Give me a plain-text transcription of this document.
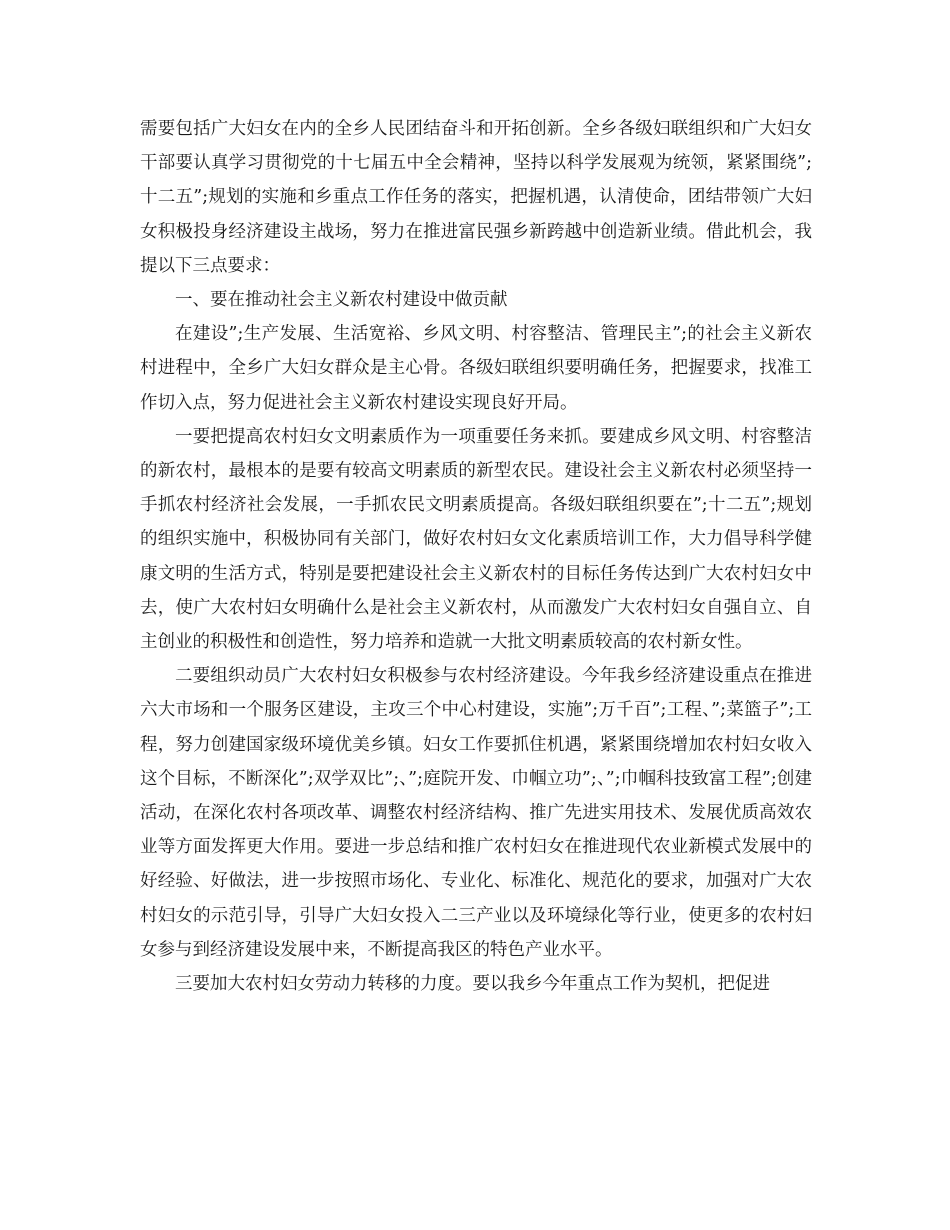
需要包括广大妇女在内的全乡人民团结奋斗和开拓创新。全乡各级妇联组织和广大妇女干部要认真学习贯彻党的十七届五中全会精神，坚持以科学发展观为统领，紧紧围绕”;十二五”;规划的实施和乡重点工作任务的落实，把握机遇，认清使命，团结带领广大妇女积极投身经济建设主战场，努力在推进富民强乡新跨越中创造新业绩。借此机会，我提以下三点要求：

一、要在推动社会主义新农村建设中做贡献

在建设”;生产发展、生活宽裕、乡风文明、村容整洁、管理民主”;的社会主义新农村进程中，全乡广大妇女群众是主心骨。各级妇联组织要明确任务，把握要求，找准工作切入点，努力促进社会主义新农村建设实现良好开局。

一要把提高农村妇女文明素质作为一项重要任务来抓。要建成乡风文明、村容整洁的新农村，最根本的是要有较高文明素质的新型农民。建设社会主义新农村必须坚持一手抓农村经济社会发展，一手抓农民文明素质提高。各级妇联组织要在”;十二五”;规划的组织实施中，积极协同有关部门，做好农村妇女文化素质培训工作，大力倡导科学健康文明的生活方式，特别是要把建设社会主义新农村的目标任务传达到广大农村妇女中去，使广大农村妇女明确什么是社会主义新农村，从而激发广大农村妇女自强自立、自主创业的积极性和创造性，努力培养和造就一大批文明素质较高的农村新女性。

二要组织动员广大农村妇女积极参与农村经济建设。今年我乡经济建设重点在推进六大市场和一个服务区建设，主攻三个中心村建设，实施”;万千百”;工程、”;菜篮子”;工程，努力创建国家级环境优美乡镇。妇女工作要抓住机遇，紧紧围绕增加农村妇女收入这个目标，不断深化”;双学双比”;、”;庭院开发、巾帼立功”;、”;巾帼科技致富工程”;创建活动，在深化农村各项改革、调整农村经济结构、推广先进实用技术、发展优质高效农业等方面发挥更大作用。要进一步总结和推广农村妇女在推进现代农业新模式发展中的好经验、好做法，进一步按照市场化、专业化、标准化、规范化的要求，加强对广大农村妇女的示范引导，引导广大妇女投入二三产业以及环境绿化等行业，使更多的农村妇女参与到经济建设发展中来，不断提高我区的特色产业水平。

三要加大农村妇女劳动力转移的力度。要以我乡今年重点工作为契机，把促进
